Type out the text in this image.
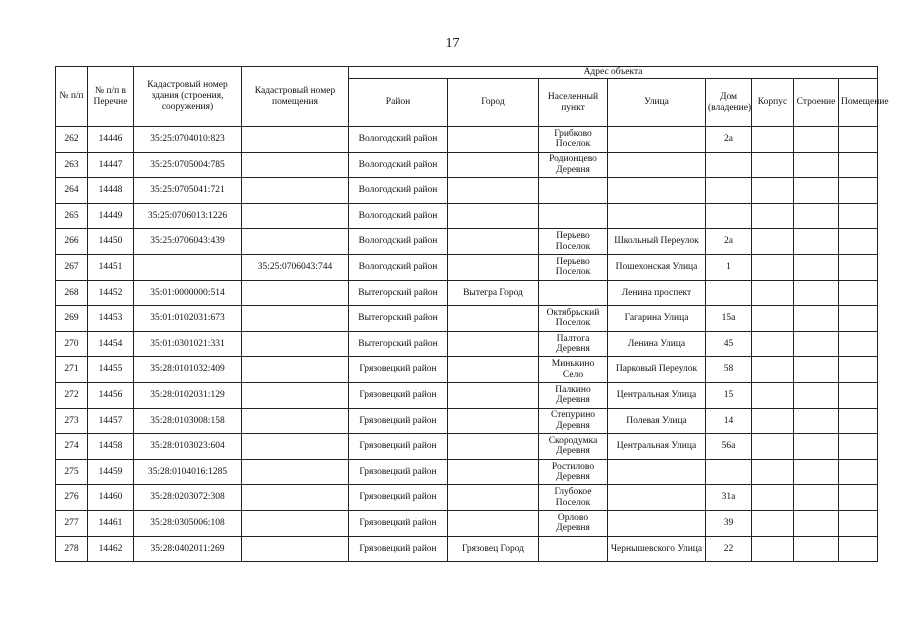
17
№ п/п	№ п/п в Перечне	Кадастровый номер здания (строения, сооружения)	Кадастровый номер помещения	Адрес объекта							
				Район	Город	Населенный пункт	Улица	Дом (владение)	Корпус	Строение	Помещение
262	14446	35:25:0704010:823		Вологодский район		Грибково Поселок		2а			
263	14447	35:25:0705004:785		Вологодский район		Родионцево Деревня					
264	14448	35:25:0705041:721		Вологодский район							
265	14449	35:25:0706013:1226		Вологодский район							
266	14450	35:25:0706043:439		Вологодский район		Перьево Поселок	Школьный Переулок	2а			
267	14451		35:25:0706043:744	Вологодский район		Перьево Поселок	Пошехонская Улица	1			
268	14452	35:01:0000000:514		Вытегорский район	Вытегра Город		Ленина проспект				
269	14453	35:01:0102031:673		Вытегорский район		Октябрьский Поселок	Гагарина Улица	15а			
270	14454	35:01:0301021:331		Вытегорский район		Палтога Деревня	Ленина Улица	45			
271	14455	35:28:0101032:409		Грязовецкий район		Минькино Село	Парковый Переулок	58			
272	14456	35:28:0102031:129		Грязовецкий район		Палкино Деревня	Центральная Улица	15			
273	14457	35:28:0103008:158		Грязовецкий район		Степурино Деревня	Полевая Улица	14			
274	14458	35:28:0103023:604		Грязовецкий район		Скородумка Деревня	Центральная Улица	56а			
275	14459	35:28:0104016:1285		Грязовецкий район		Ростилово Деревня					
276	14460	35:28:0203072:308		Грязовецкий район		Глубокое Поселок		31а			
277	14461	35:28:0305006:108		Грязовецкий район		Орлово Деревня		39			
278	14462	35:28:0402011:269		Грязовецкий район	Грязовец Город		Чернышевского Улица	22			
